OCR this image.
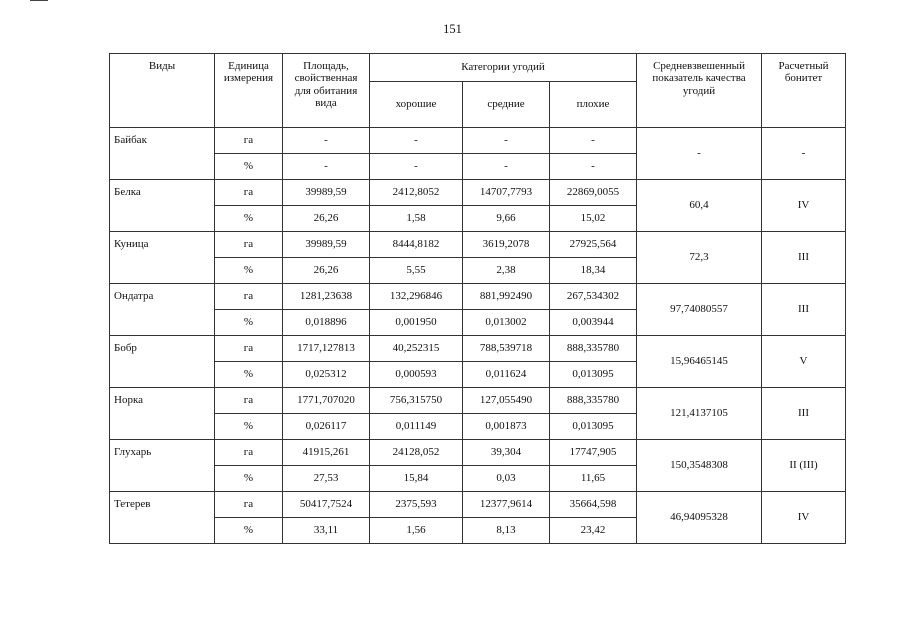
151
Виды	Единица измерения	Площадь, свойственная для обитания вида	Категории угодий			Средневзвешенный показатель качества угодий	Расчетный бонитет
			хорошие	средние	плохие		
Байбак	га	-	-	-	-	-	-
	%	-	-	-	-		
Белка	га	39989,59	2412,8052	14707,7793	22869,0055	60,4	IV
	%	26,26	1,58	9,66	15,02		
Куница	га	39989,59	8444,8182	3619,2078	27925,564	72,3	III
	%	26,26	5,55	2,38	18,34		
Ондатра	га	1281,23638	132,296846	881,992490	267,534302	97,74080557	III
	%	0,018896	0,001950	0,013002	0,003944		
Бобр	га	1717,127813	40,252315	788,539718	888,335780	15,96465145	V
	%	0,025312	0,000593	0,011624	0,013095		
Норка	га	1771,707020	756,315750	127,055490	888,335780	121,4137105	III
	%	0,026117	0,011149	0,001873	0,013095		
Глухарь	га	41915,261	24128,052	39,304	17747,905	150,3548308	II (III)
	%	27,53	15,84	0,03	11,65		
Тетерев	га	50417,7524	2375,593	12377,9614	35664,598	46,94095328	IV
	%	33,11	1,56	8,13	23,42		
